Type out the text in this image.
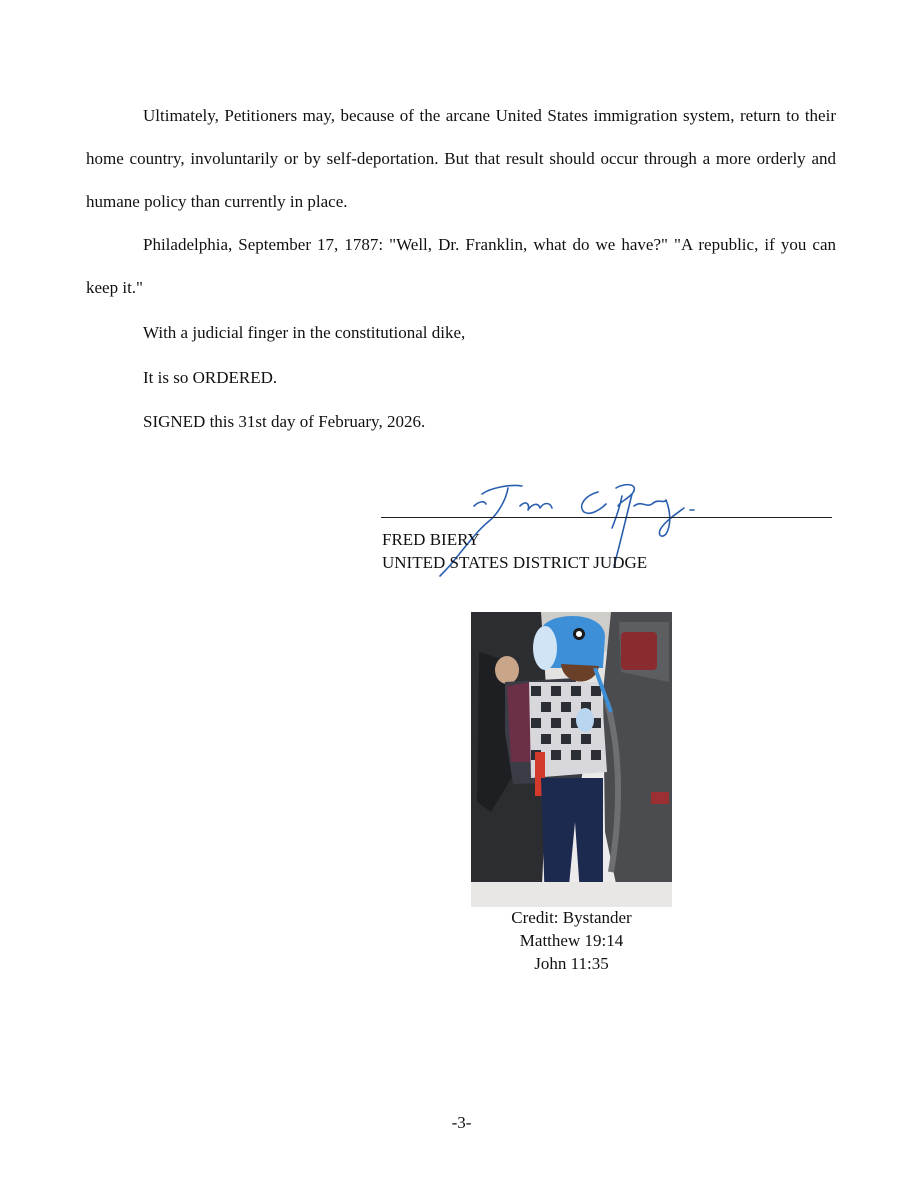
Ultimately, Petitioners may, because of the arcane United States immigration system, return to their home country, involuntarily or by self-deportation. But that result should occur through a more orderly and humane policy than currently in place.

Philadelphia, September 17, 1787: "Well, Dr. Franklin, what do we have?" "A republic, if you can keep it."

With a judicial finger in the constitutional dike,

It is so ORDERED.

SIGNED this 31st day of February, 2026.

FRED BIERY
UNITED STATES DISTRICT JUDGE
Credit: Bystander
Matthew 19:14
John 11:35
-3-
